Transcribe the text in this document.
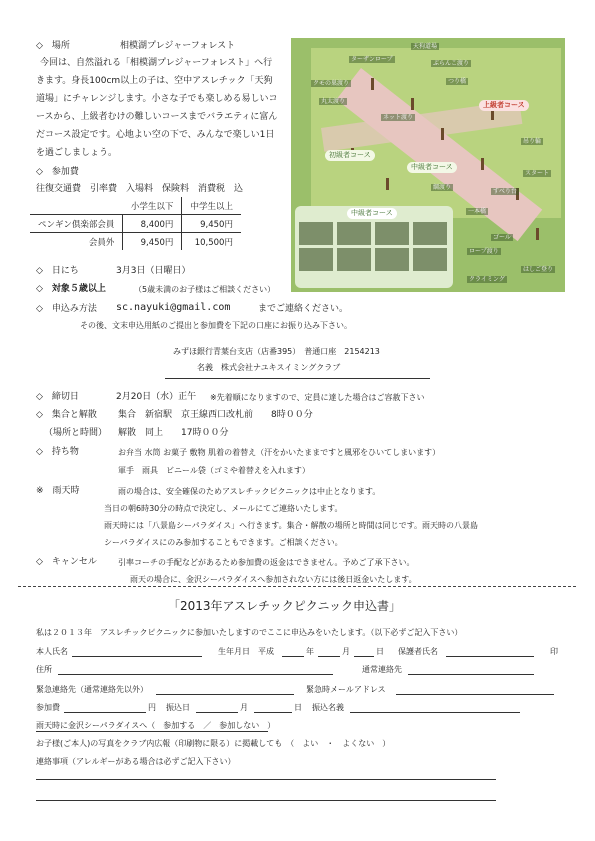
◇　場所	相模湖プレジャーフォレスト
今回は、自然溢れる「相模湖プレジャーフォレスト」へ行
きます。身長100cm以上の子は、空中アスレチック「天狗
道場」にチャレンジします。小さな子でも楽しめる易しいコ
ースから、上級者むけの難しいコースまでバラエティに富ん
だコース設定です。心地よい空の下で、みんなで楽しい1日
を過ごしましょう。
◇　参加費
往復交通費　引率費　入場料　保険料　消費税　込
	小学生以下	中学生以上
ペンギン倶楽部会員	8,400円	9,450円
会員外	9,450円	10,500円
上級者コース
初級者コース
中級者コース
ターザンロープ
ぶらんこ渡り
クモの巣渡り	つり橋
丸太渡り
ネット渡り
吊り輪
綱渡り
一本橋
スタート
ゴール
天狗道場
ロープ渡り
はしご登り
すべり台
クライミング
中級者コース
◇　日にち	3月3日（日曜日）
◇　対象５歳以上	（5歳未満のお子様はご相談ください）
◇　申込み方法 sc.nayuki@gmail.com	までご連絡ください。
その後、文末申込用紙のご提出と参加費を下記の口座にお振り込み下さい。
みずほ銀行青葉台支店（店番395）　普通口座　2154213
名義　株式会社ナユキスイミングクラブ
◇　締切日	2月20日（水）正午 ※先着順になりますので、定員に達した場合はご容赦下さい
◇　集合と解散 集合　新宿駅　京王線西口改札前　　8時００分
（場所と時間） 解散　同上　　17時００分
◇　持ち物	お弁当 水筒 お菓子 敷物 肌着の着替え（汗をかいたままですと風邪をひいてしまいます）
軍手　雨具　ビニール袋（ゴミや着替えを入れます）
※　雨天時	雨の場合は、安全確保のためアスレチックピクニックは中止となります。
当日の朝6時30分の時点で決定し、メールにてご連絡いたします。
雨天時には「八景島シーパラダイス」へ行きます。集合・解散の場所と時間は同じです。雨天時の八景島
シーパラダイスにのみ参加することもできます。ご相談ください。
◇　キャンセル	引率コーチの手配などがあるため参加費の返金はできません。予めご了承下さい。
雨天の場合に、金沢シーパラダイスへ参加されない方には後日返金いたします。
「2013年アスレチックピクニック申込書」
私は２０１３年　アスレチックピクニックに参加いたしますのでここに申込みをいたします。（以下必ずご記入下さい）
本人氏名	生年月日　平成	年	月	日 保護者氏名	印
住所	通常連絡先
緊急連絡先（通常連絡先以外）	緊急時メールアドレス
参加費	円 振込日	月	日 振込名義
雨天時に金沢シーパラダイスへ（　参加する　／　参加しない　）
お子様(ご本人)の写真をクラブ内広報（印刷物に限る）に掲載しても　（　よい　・　よくない　）
連絡事項（アレルギーがある場合は必ずご記入下さい）
